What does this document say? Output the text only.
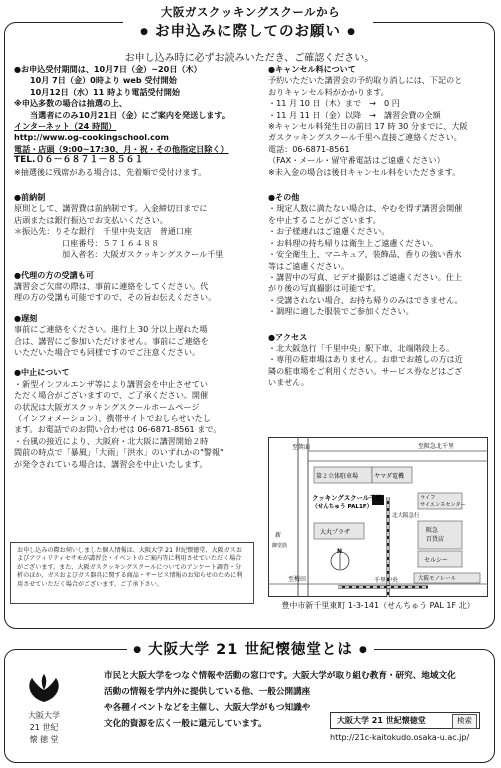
大阪ガスクッキングスクールから
● お申込みに際してのお願い ●
お申し込み時に必ずお読みいただき、ご確認ください。

●お申込受付期間は、10月7日（金）~20日（木）

10月 7日（金）0時より web 受付開始

10月12日（水）11 時より電話受付開始

※申込多数の場合は抽選の上、

当選者にのみ10月21日（金）にご案内を発送します。

インターネット（24 時間）

http://www.og-cookingschool.com

電話・店頭（9:00~17:30、月・祝・その他指定日除く）

TEL.０６－６８７１－８５６１

※抽選後に残席がある場合は、先着順で受付けます。

●前納制

原則として、講習費は前納制です。入金締切日までに

店頭または銀行振込でお支払いください。

＊振込先：りそな銀行　千里中央支店　普通口座

口座番号：５７１６４８８

加入者名：大阪ガスクッキングスクール千里

●代理の方の受講も可

講習会ご欠席の際は、事前に連絡をしてください。代

理の方の受講も可能ですので、その旨お伝えください。

●遅刻

事前にご連絡をください。進行上 30 分以上遅れた場

合は、講習にご参加いただけません。事前にご連絡を

いただいた場合でも同様ですのでご注意ください。

●中止について

・新型インフルエンザ等により講習会を中止させてい

ただく場合がございますので、ご了承ください。開催

の状況は大阪ガスクッキングスクールホームページ

（インフォメーション）、携帯サイトでおしらせいたし

ます。お電話でのお問い合わせは 06-6871-8561 まで。

・台風の接近により、大阪府・北大阪に講習開始２時

間前の時点で「暴風」「大雨」「洪水」のいずれかの"警報"

が発令されている場合は、講習会を中止いたします。

お申し込みの際お伺いしました個人情報は、大阪大学 21 世紀懐徳堂、大阪ガスおよびアフィリティセサモが講習会・イベントのご案内等に利用させていただく場合がございます。また、大阪ガスクッキングスクールについてのアンケート調査・分析のほか、ガスおよびガス器具に関する商品・サービス情報のお知らせのために利用させていただく場合がございます。ご了承下さい。

●キャンセル料について

予約いただいた講習会の予約取り消しには、下記のと

おりキャンセル料がかかります。

・11 月 10 日（木）まで　→　0 円

・11 月 11 日（金）以降　→　講習会費の全額

※キャンセル料発生日の前日 17 時 30 分までに、大阪

ガスクッキングスクール千里へ直接ご連絡ください。

電話：06-6871-8561

（FAX・メール・留守番電話はご遠慮ください）

※未入金の場合は後日キャンセル料をいただきます。

●その他

・規定人数に満たない場合は、やむを得ず講習会開催

を中止することがございます。

・お子様連れはご遠慮ください。

・お料理の持ち帰りは衛生上ご遠慮ください。

・安全衛生上、マニキュア、装飾品、香りの強い香水

等はご遠慮ください。

・講習中の写真、ビデオ撮影はご遠慮ください。仕上

がり後の写真撮影は可能です。

・受講されない場合、お持ち帰りのみはできません。

・調理に適した服装でご参加ください。

●アクセス

・北大阪急行「千里中央」駅下車、北端階段上る。

・専用の駐車場はありません。お車でお越しの方は近

隣の駐車場をご利用ください。サービス券などはござ

いません。

至箕面	至阪急北千里
第２立体駐車場	ヤマダ電機
クッキングスクール千里
（せんちゅう PAL1F）
ライフ
サイエンスセンター
大丸プラザ	阪急
百貨店
新
御堂筋
セルシー
千里中央
北大阪急行
至梅田	大阪モノレール
N
豊中市新千里東町 1-3-141（せんちゅう PAL 1F 北）
● 大阪大学 21 世紀懐徳堂とは ●
大阪大学
21 世紀
懐 徳 堂
市民と大阪大学をつなぐ情報や活動の窓口です。大阪大学が取り組む教育・研究、地域文化
活動の情報を学内外に提供している他、一般公開講座
や各種イベントなどを主催し、大阪大学がもつ知識や
文化的資源を広く一般に還元しています。	大阪大学 21 世紀懐徳堂	検索
http://21c-kaitokudo.osaka-u.ac.jp/
